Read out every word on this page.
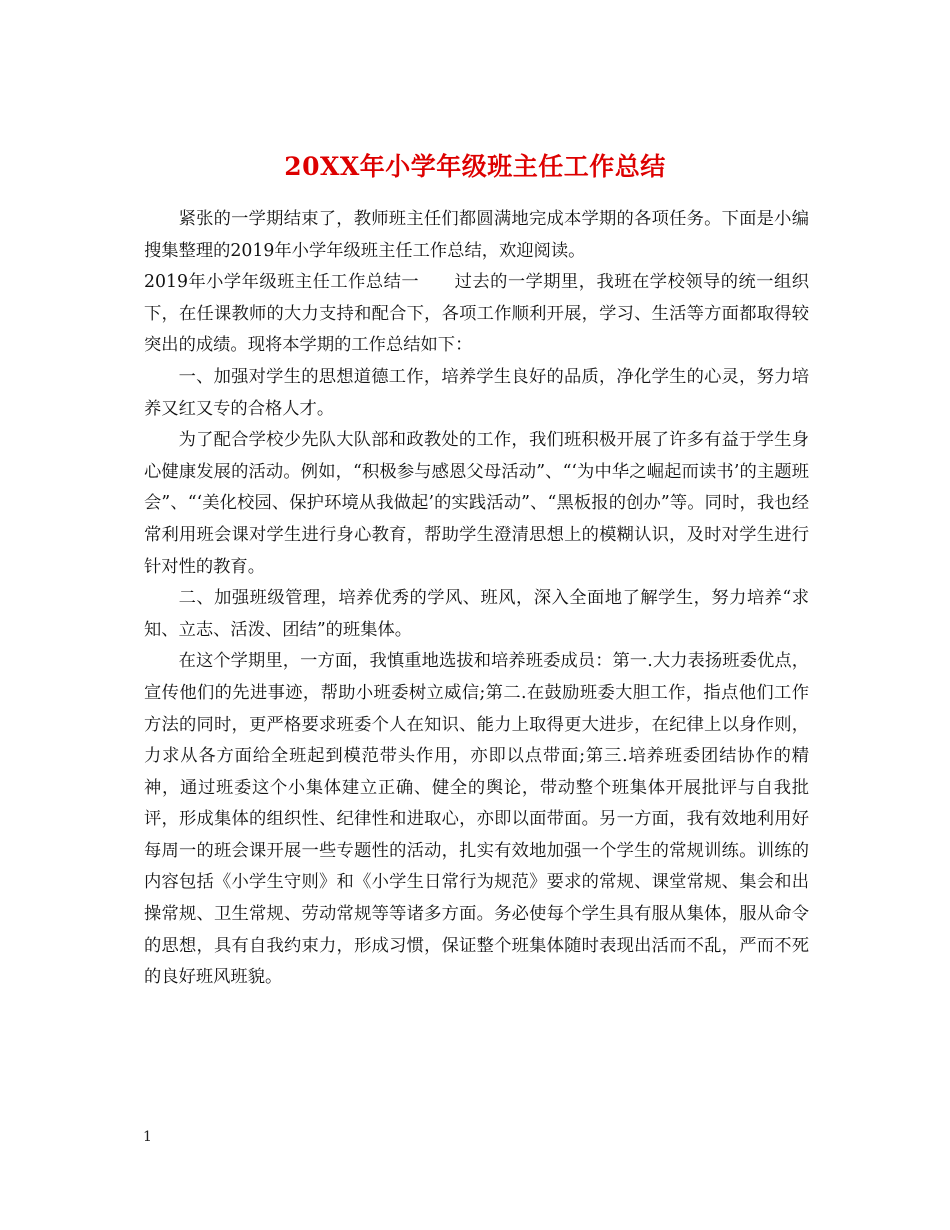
20XX年小学年级班主任工作总结

紧张的一学期结束了，教师班主任们都圆满地完成本学期的各项任务。下面是小编搜集整理的2019年小学年级班主任工作总结，欢迎阅读。

2019年小学年级班主任工作总结一　　过去的一学期里，我班在学校领导的统一组织下，在任课教师的大力支持和配合下，各项工作顺利开展，学习、生活等方面都取得较突出的成绩。现将本学期的工作总结如下：

一、加强对学生的思想道德工作，培养学生良好的品质，净化学生的心灵，努力培养又红又专的合格人才。

为了配合学校少先队大队部和政教处的工作，我们班积极开展了许多有益于学生身心健康发展的活动。例如，“积极参与感恩父母活动”、“‘为中华之崛起而读书’的主题班会”、“‘美化校园、保护环境从我做起’的实践活动”、“黑板报的创办”等。同时，我也经常利用班会课对学生进行身心教育，帮助学生澄清思想上的模糊认识，及时对学生进行针对性的教育。

二、加强班级管理，培养优秀的学风、班风，深入全面地了解学生，努力培养“求知、立志、活泼、团结”的班集体。

在这个学期里，一方面，我慎重地选拔和培养班委成员：第一.大力表扬班委优点，宣传他们的先进事迹，帮助小班委树立威信;第二.在鼓励班委大胆工作，指点他们工作方法的同时，更严格要求班委个人在知识、能力上取得更大进步，在纪律上以身作则，力求从各方面给全班起到模范带头作用，亦即以点带面;第三.培养班委团结协作的精神，通过班委这个小集体建立正确、健全的舆论，带动整个班集体开展批评与自我批评，形成集体的组织性、纪律性和进取心，亦即以面带面。另一方面，我有效地利用好每周一的班会课开展一些专题性的活动，扎实有效地加强一个学生的常规训练。训练的内容包括《小学生守则》和《小学生日常行为规范》要求的常规、课堂常规、集会和出操常规、卫生常规、劳动常规等等诸多方面。务必使每个学生具有服从集体，服从命令的思想，具有自我约束力，形成习惯，保证整个班集体随时表现出活而不乱，严而不死的良好班风班貌。

1
